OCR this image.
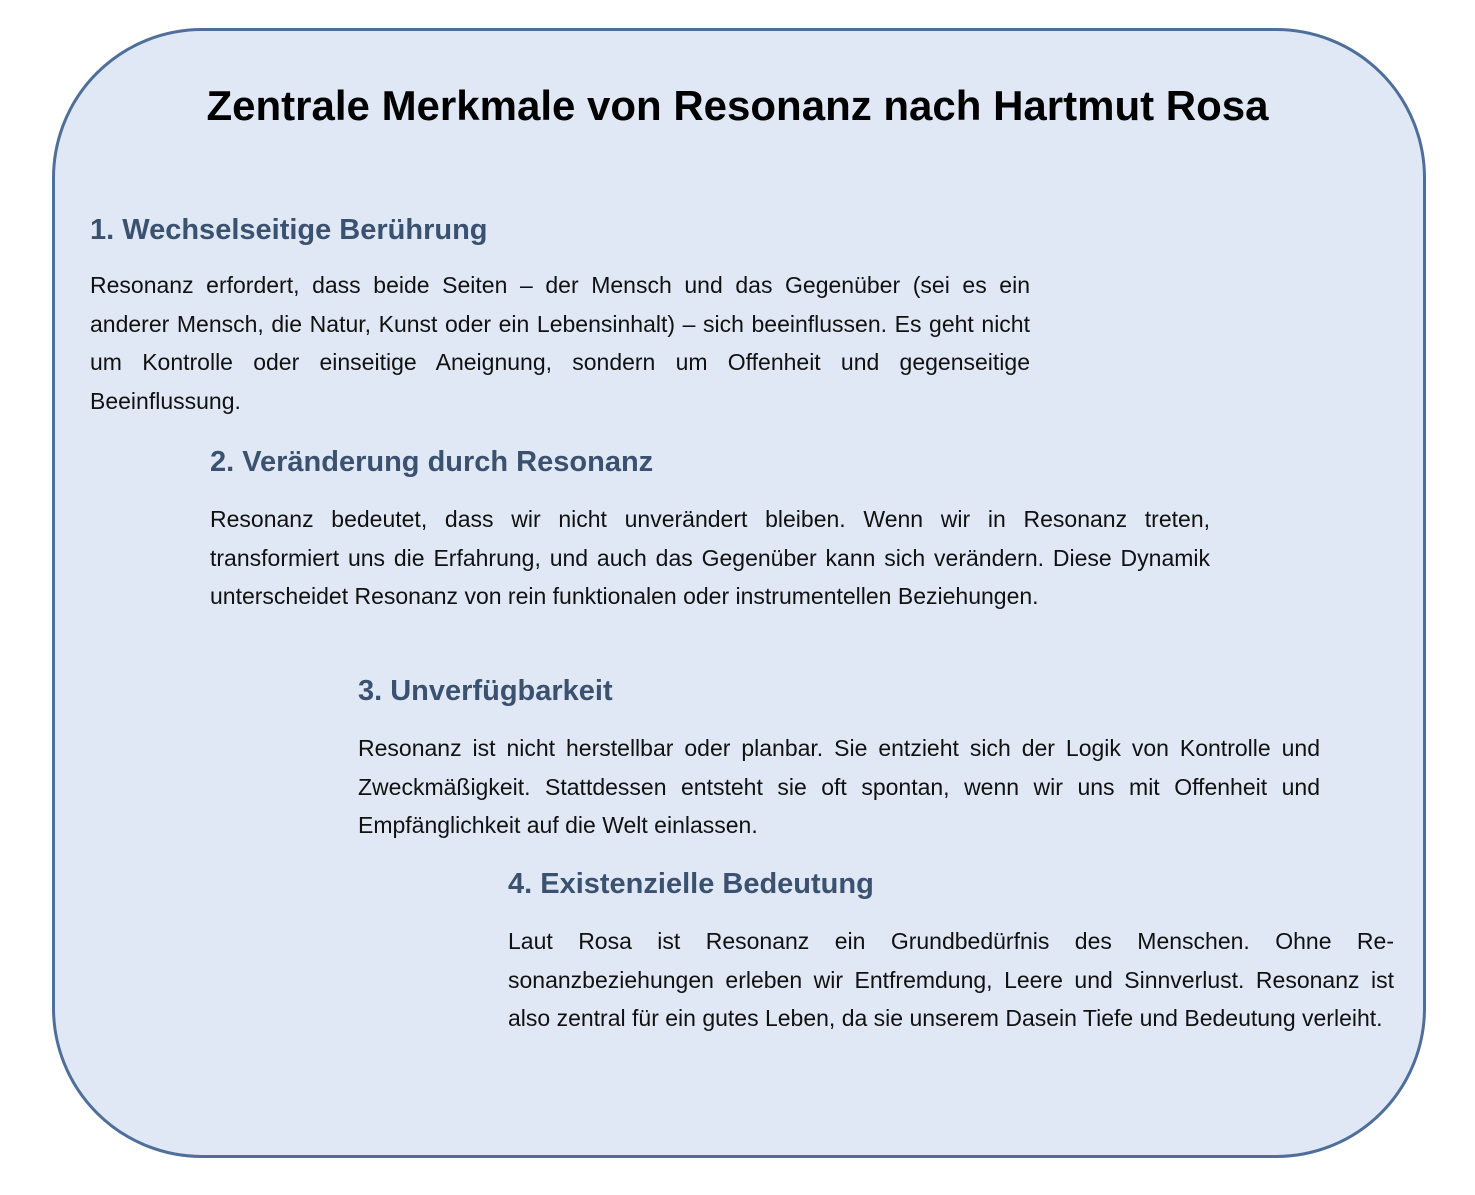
Zentrale Merkmale von Resonanz nach Hartmut Rosa
1. Wechselseitige Berührung

Resonanz erfordert, dass beide Seiten – der Mensch und das Gegenüber (sei es ein anderer Mensch, die Natur, Kunst oder ein Lebensinhalt) – sich beeinflussen. Es geht nicht um Kontrolle oder einseitige Aneignung, sondern um Offenheit und gegenseitige Beeinflussung.

2. Veränderung durch Resonanz

Resonanz bedeutet, dass wir nicht unverändert bleiben. Wenn wir in Resonanz treten, transformiert uns die Erfahrung, und auch das Gegenüber kann sich verändern. Diese Dynamik unterscheidet Resonanz von rein funktionalen oder instrumentellen Beziehungen.

3. Unverfügbarkeit

Resonanz ist nicht herstellbar oder planbar. Sie entzieht sich der Logik von Kontrolle und Zweckmäßigkeit. Stattdessen entsteht sie oft spontan, wenn wir uns mit Offenheit und Empfänglichkeit auf die Welt einlassen.

4. Existenzielle Bedeutung

Laut Rosa ist Resonanz ein Grundbedürfnis des Menschen. Ohne Resonanzbeziehungen erleben wir Entfremdung, Leere und Sinnverlust. Resonanz ist also zentral für ein gutes Leben, da sie unserem Dasein Tiefe und Bedeutung verleiht.
